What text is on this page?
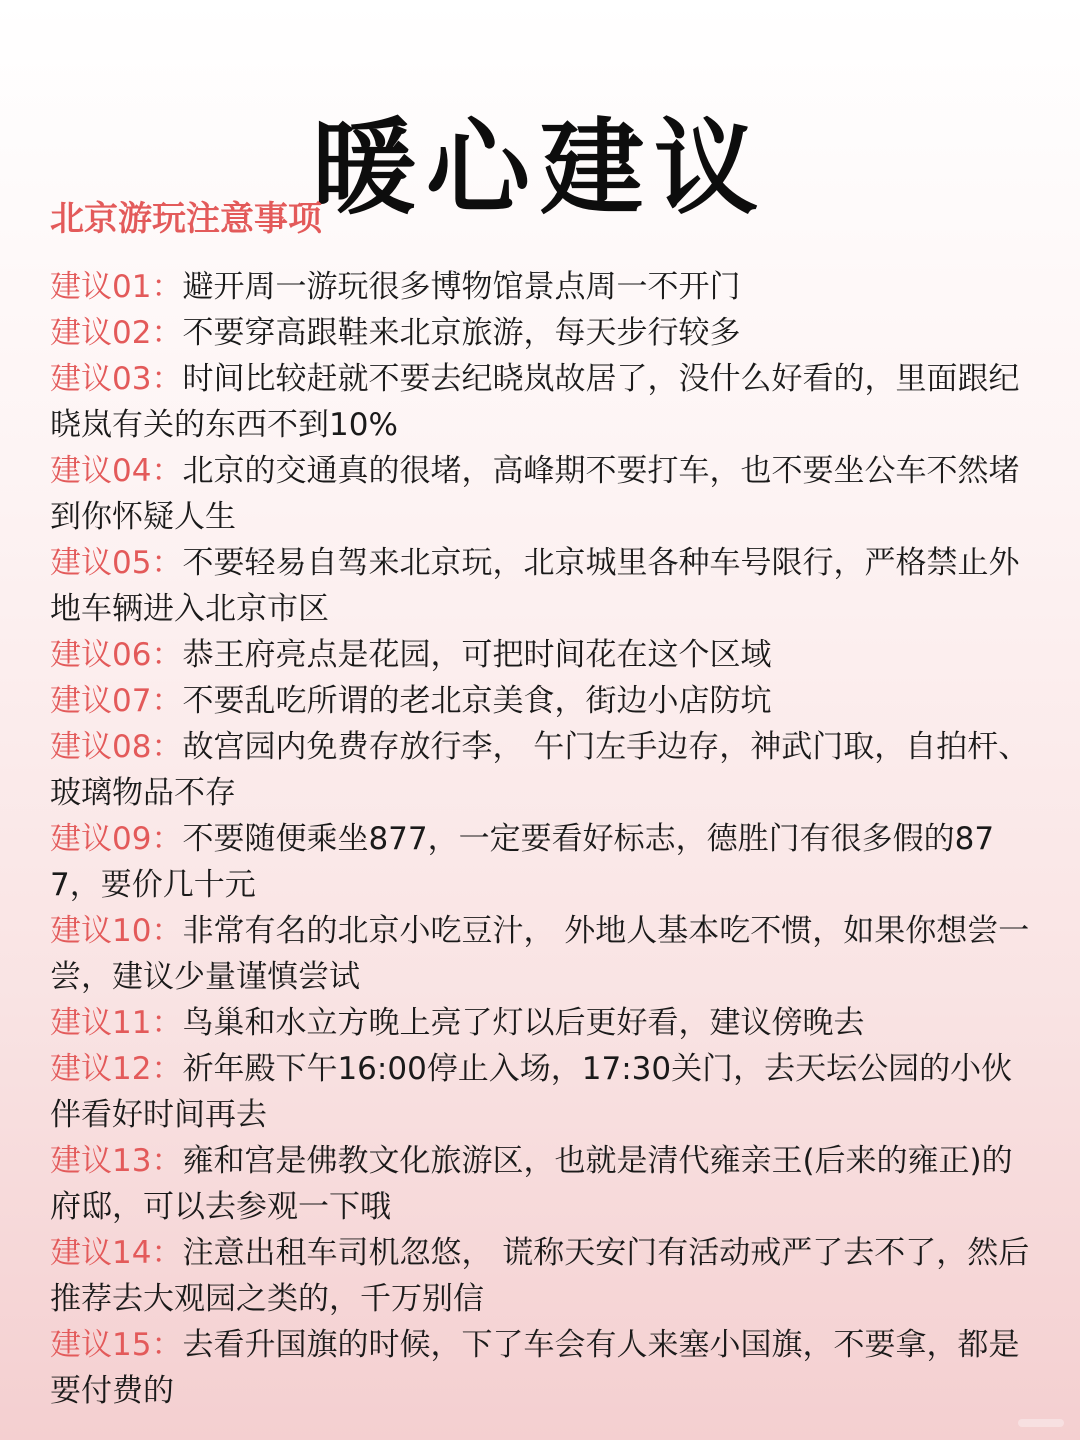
暖心建议
北京游玩注意事项
建议01：避开周一游玩很多博物馆景点周一不开门
建议02：不要穿高跟鞋来北京旅游，每天步行较多
建议03：时间比较赶就不要去纪晓岚故居了，没什么好看的，里面跟纪晓岚有关的东西不到10%
建议04：北京的交通真的很堵，高峰期不要打车，也不要坐公车不然堵到你怀疑人生
建议05：不要轻易自驾来北京玩，北京城里各种车号限行，严格禁止外地车辆进入北京市区
建议06：恭王府亮点是花园，可把时间花在这个区域
建议07：不要乱吃所谓的老北京美食，街边小店防坑
建议08：故宫园内免费存放行李， 午门左手边存，神武门取，自拍杆、玻璃物品不存
建议09：不要随便乘坐877，一定要看好标志，德胜门有很多假的877，要价几十元
建议10：非常有名的北京小吃豆汁， 外地人基本吃不惯，如果你想尝一尝，建议少量谨慎尝试
建议11：鸟巢和水立方晚上亮了灯以后更好看，建议傍晚去
建议12：祈年殿下午16:00停止入场，17:30关门，去天坛公园的小伙伴看好时间再去
建议13：雍和宫是佛教文化旅游区，也就是清代雍亲王(后来的雍正)的府邸，可以去参观一下哦
建议14：注意出租车司机忽悠， 谎称天安门有活动戒严了去不了，然后推荐去大观园之类的，千万别信
建议15：去看升国旗的时候，下了车会有人来塞小国旗，不要拿，都是要付费的
